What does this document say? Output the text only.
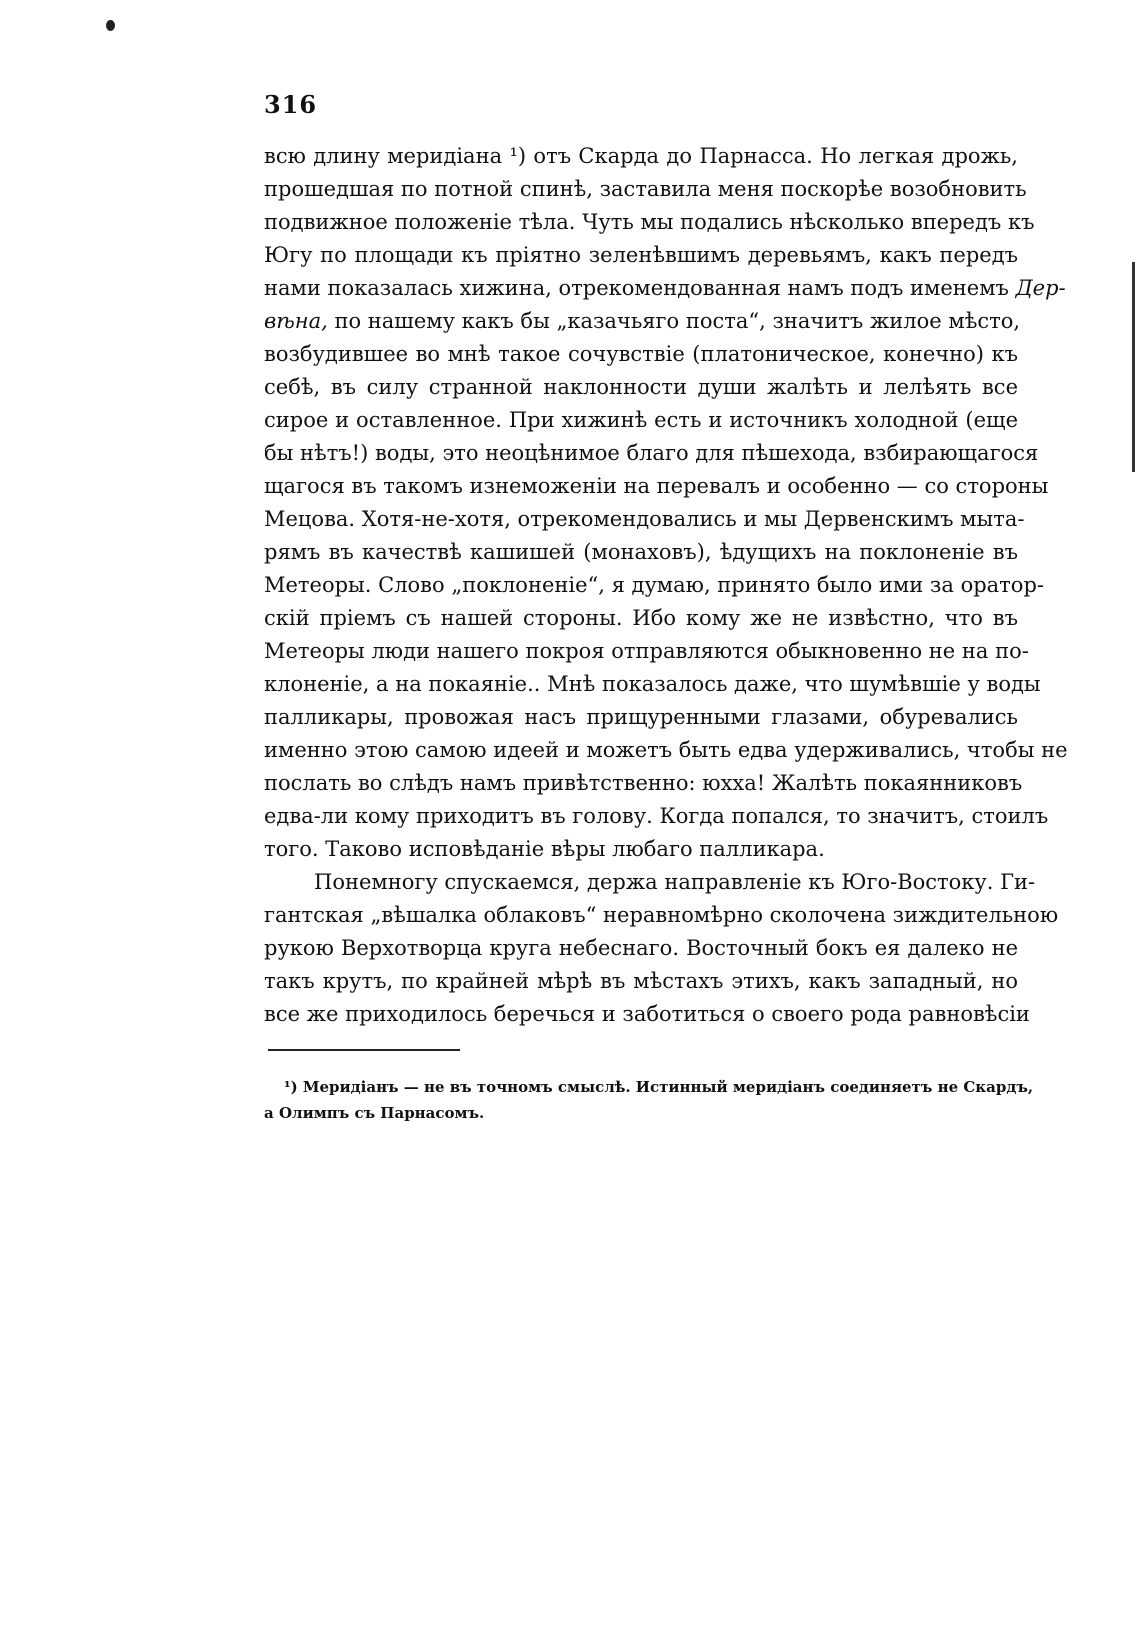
316
всю длину меридіана ¹) отъ Скарда до Парнасса. Но легкая дрожь,
прошедшая по потной спинѣ, заставила меня поскорѣе возобновить
подвижное положеніе тѣла. Чуть мы подались нѣсколько впередъ къ
Югу по площади къ пріятно зеленѣвшимъ деревьямъ, какъ передъ
нами показалась хижина, отрекомендованная намъ подъ именемъ Дер-
вѣна, по нашему какъ бы „казачьяго поста“, значитъ жилое мѣсто,
возбудившее во мнѣ такое сочувствіе (платоническое, конечно) къ
себѣ, въ силу странной наклонности души жалѣть и лелѣять все
сирое и оставленное. При хижинѣ есть и источникъ холодной (еще
бы нѣтъ!) воды, это неоцѣнимое благо для пѣшехода, взбирающагося
щагося въ такомъ изнеможеніи на перевалъ и особенно — со стороны
Мецова. Хотя-не-хотя, отрекомендовались и мы Дервенскимъ мыта-
рямъ въ качествѣ кашишей (монаховъ), ѣдущихъ на поклоненіе въ
Метеоры. Слово „поклоненіе“, я думаю, принято было ими за оратор-
скій пріемъ съ нашей стороны. Ибо кому же не извѣстно, что въ
Метеоры люди нашего покроя отправляются обыкновенно не на по-
клоненіе, а на покаяніе.. Мнѣ показалось даже, что шумѣвшіе у воды
палликары, провожая насъ прищуренными глазами, обуревались
именно этою самою идеей и можетъ быть едва удерживались, чтобы не
послать во слѣдъ намъ привѣтственно: юхха! Жалѣть покаянниковъ
едва-ли кому приходитъ въ голову. Когда попался, то значитъ, стоилъ
того. Таково исповѣданіе вѣры любаго палликара.
Понемногу спускаемся, держа направленіе къ Юго-Востоку. Ги-
гантская „вѣшалка облаковъ“ неравномѣрно сколочена зиждительною
рукою Верхотворца круга небеснаго. Восточный бокъ ея далеко не
такъ крутъ, по крайней мѣрѣ въ мѣстахъ этихъ, какъ западный, но
все же приходилось беречься и заботиться о своего рода равновѣсіи
¹) Меридіанъ — не въ точномъ смыслѣ. Истинный меридіанъ соединяетъ не Скардъ,
а Олимпъ съ Парнасомъ.
